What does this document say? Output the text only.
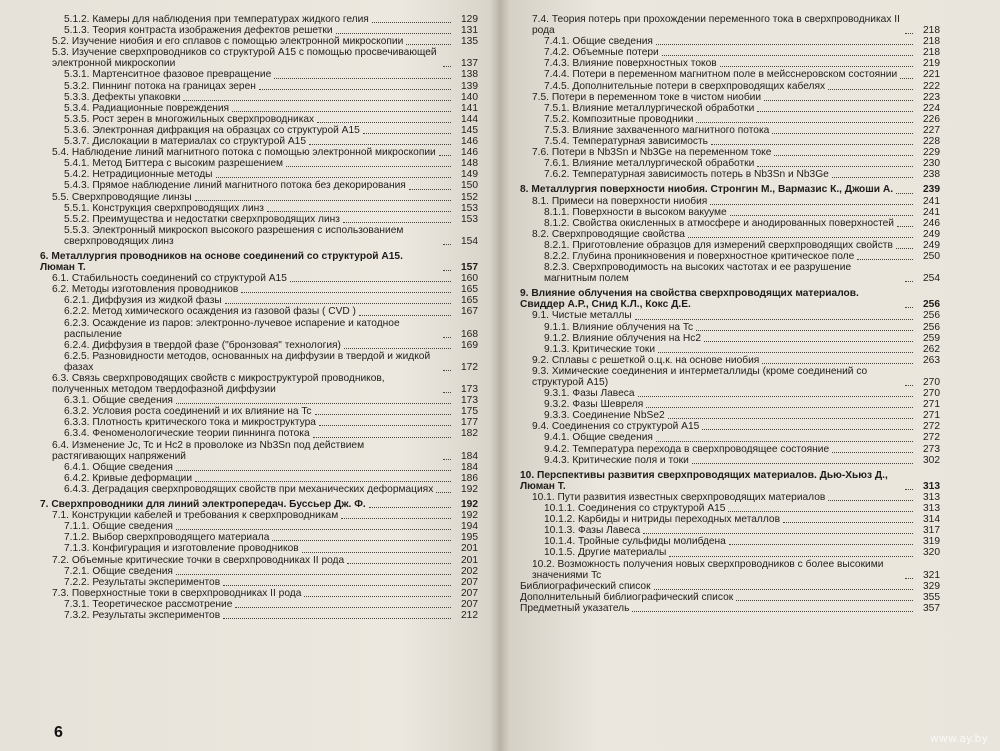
5.1.2. Камеры для наблюдения при температурах жидкого гелия	129
5.1.3. Теория контраста изображения дефектов решетки	131
5.2. Изучение ниобия и его сплавов с помощью электронной микроскопии	135
5.3. Изучение сверхпроводников со структурой А15 с помощью просвечивающей электронной микроскопии	137
5.3.1. Мартенситное фазовое превращение	138
5.3.2. Пиннинг потока на границах зерен	139
5.3.3. Дефекты упаковки	140
5.3.4. Радиационные повреждения	141
5.3.5. Рост зерен в многожильных сверхпроводниках	144
5.3.6. Электронная дифракция на образцах со структурой А15	145
5.3.7. Дислокации в материалах со структурой А15	146
5.4. Наблюдение линий магнитного потока с помощью электронной микроскопии	146
5.4.1. Метод Биттера с высоким разрешением	148
5.4.2. Нетрадиционные методы	149
5.4.3. Прямое наблюдение линий магнитного потока без декорирования	150
5.5. Сверхпроводящие линзы	152
5.5.1. Конструкция сверхпроводящих линз	153
5.5.2. Преимущества и недостатки сверхпроводящих линз	153
5.5.3. Электронный микроскоп высокого разрешения с использованием сверхпроводящих линз	154
6. Металлургия проводников на основе соединений со структурой А15. Люман Т.	157
6.1. Стабильность соединений со структурой А15	160
6.2. Методы изготовления проводников	165
6.2.1. Диффузия из жидкой фазы	165
6.2.2. Метод химического осаждения из газовой фазы ( CVD )	167
6.2.3. Осаждение из паров: электронно-лучевое испарение и катодное распыление	168
6.2.4. Диффузия в твердой фазе ("бронзовая" технология)	169
6.2.5. Разновидности методов, основанных на диффузии в твердой и жидкой фазах	172
6.3. Связь сверхпроводящих свойств с микроструктурой проводников, полученных методом твердофазной диффузии	173
6.3.1. Общие сведения	173
6.3.2. Условия роста соединений и их влияние на Tc	175
6.3.3. Плотность критического тока и микроструктура	177
6.3.4. Феноменологические теории пиннинга потока	182
6.4. Изменение Jc, Tc и Hc2 в проволоке из Nb3Sn под действием растягивающих напряжений	184
6.4.1. Общие сведения	184
6.4.2. Кривые деформации	186
6.4.3. Деградация сверхпроводящих свойств при механических деформациях	192
7. Сверхпроводники для линий электропередач. Буссьер Дж. Ф.	192
7.1. Конструкции кабелей и требования к сверхпроводникам	192
7.1.1. Общие сведения	194
7.1.2. Выбор сверхпроводящего материала	195
7.1.3. Конфигурация и изготовление проводников	201
7.2. Объемные критические точки в сверхпроводниках II рода	201
7.2.1. Общие сведения	202
7.2.2. Результаты экспериментов	207
7.3. Поверхностные токи в сверхпроводниках II рода	207
7.3.1. Теоретическое рассмотрение	207
7.3.2. Результаты экспериментов	212
6
7.4. Теория потерь при прохождении переменного тока в сверхпроводниках II рода	218
7.4.1. Общие сведения	218
7.4.2. Объемные потери	218
7.4.3. Влияние поверхностных токов	219
7.4.4. Потери в переменном магнитном поле в мейсснеровском состоянии	221
7.4.5. Дополнительные потери в сверхпроводящих кабелях	222
7.5. Потери в переменном токе в чистом ниобии	223
7.5.1. Влияние металлургической обработки	224
7.5.2. Композитные проводники	226
7.5.3. Влияние захваченного магнитного потока	227
7.5.4. Температурная зависимость	228
7.6. Потери в Nb3Sn и Nb3Ge на переменном токе	229
7.6.1. Влияние металлургической обработки	230
7.6.2. Температурная зависимость потерь в Nb3Sn и Nb3Ge	238
8. Металлургия поверхности ниобия. Стронгин М., Вармазис К., Джоши А.	239
8.1. Примеси на поверхности ниобия	241
8.1.1. Поверхности в высоком вакууме	241
8.1.2. Свойства окисленных в атмосфере и анодированных поверхностей	246
8.2. Сверхпроводящие свойства	249
8.2.1. Приготовление образцов для измерений сверхпроводящих свойств	249
8.2.2. Глубина проникновения и поверхностное критическое поле	250
8.2.3. Сверхпроводимость на высоких частотах и ее разрушение магнитным полем	254
9. Влияние облучения на свойства сверхпроводящих материалов. Свиддер А.Р., Снид К.Л., Кокс Д.Е.	256
9.1. Чистые металлы	256
9.1.1. Влияние облучения на Tc	256
9.1.2. Влияние облучения на Hc2	259
9.1.3. Критические токи	262
9.2. Сплавы с решеткой о.ц.к. на основе ниобия	263
9.3. Химические соединения и интерметаллиды (кроме соединений со структурой А15)	270
9.3.1. Фазы Лавеса	270
9.3.2. Фазы Шевреля	271
9.3.3. Соединение NbSe2	271
9.4. Соединения со структурой А15	272
9.4.1. Общие сведения	272
9.4.2. Температура перехода в сверхпроводящее состояние	273
9.4.3. Критические поля и токи	302
10. Перспективы развития сверхпроводящих материалов. Дью-Хьюз Д., Люман Т.	313
10.1. Пути развития известных сверхпроводящих материалов	313
10.1.1. Соединения со структурой А15	313
10.1.2. Карбиды и нитриды переходных металлов	314
10.1.3. Фазы Лавеса	317
10.1.4. Тройные сульфиды молибдена	319
10.1.5. Другие материалы	320
10.2. Возможность получения новых сверхпроводников с более высокими значениями Tc	321
Библиографический список	329
Дополнительный библиографический список	355
Предметный указатель	357
www.ay.by
